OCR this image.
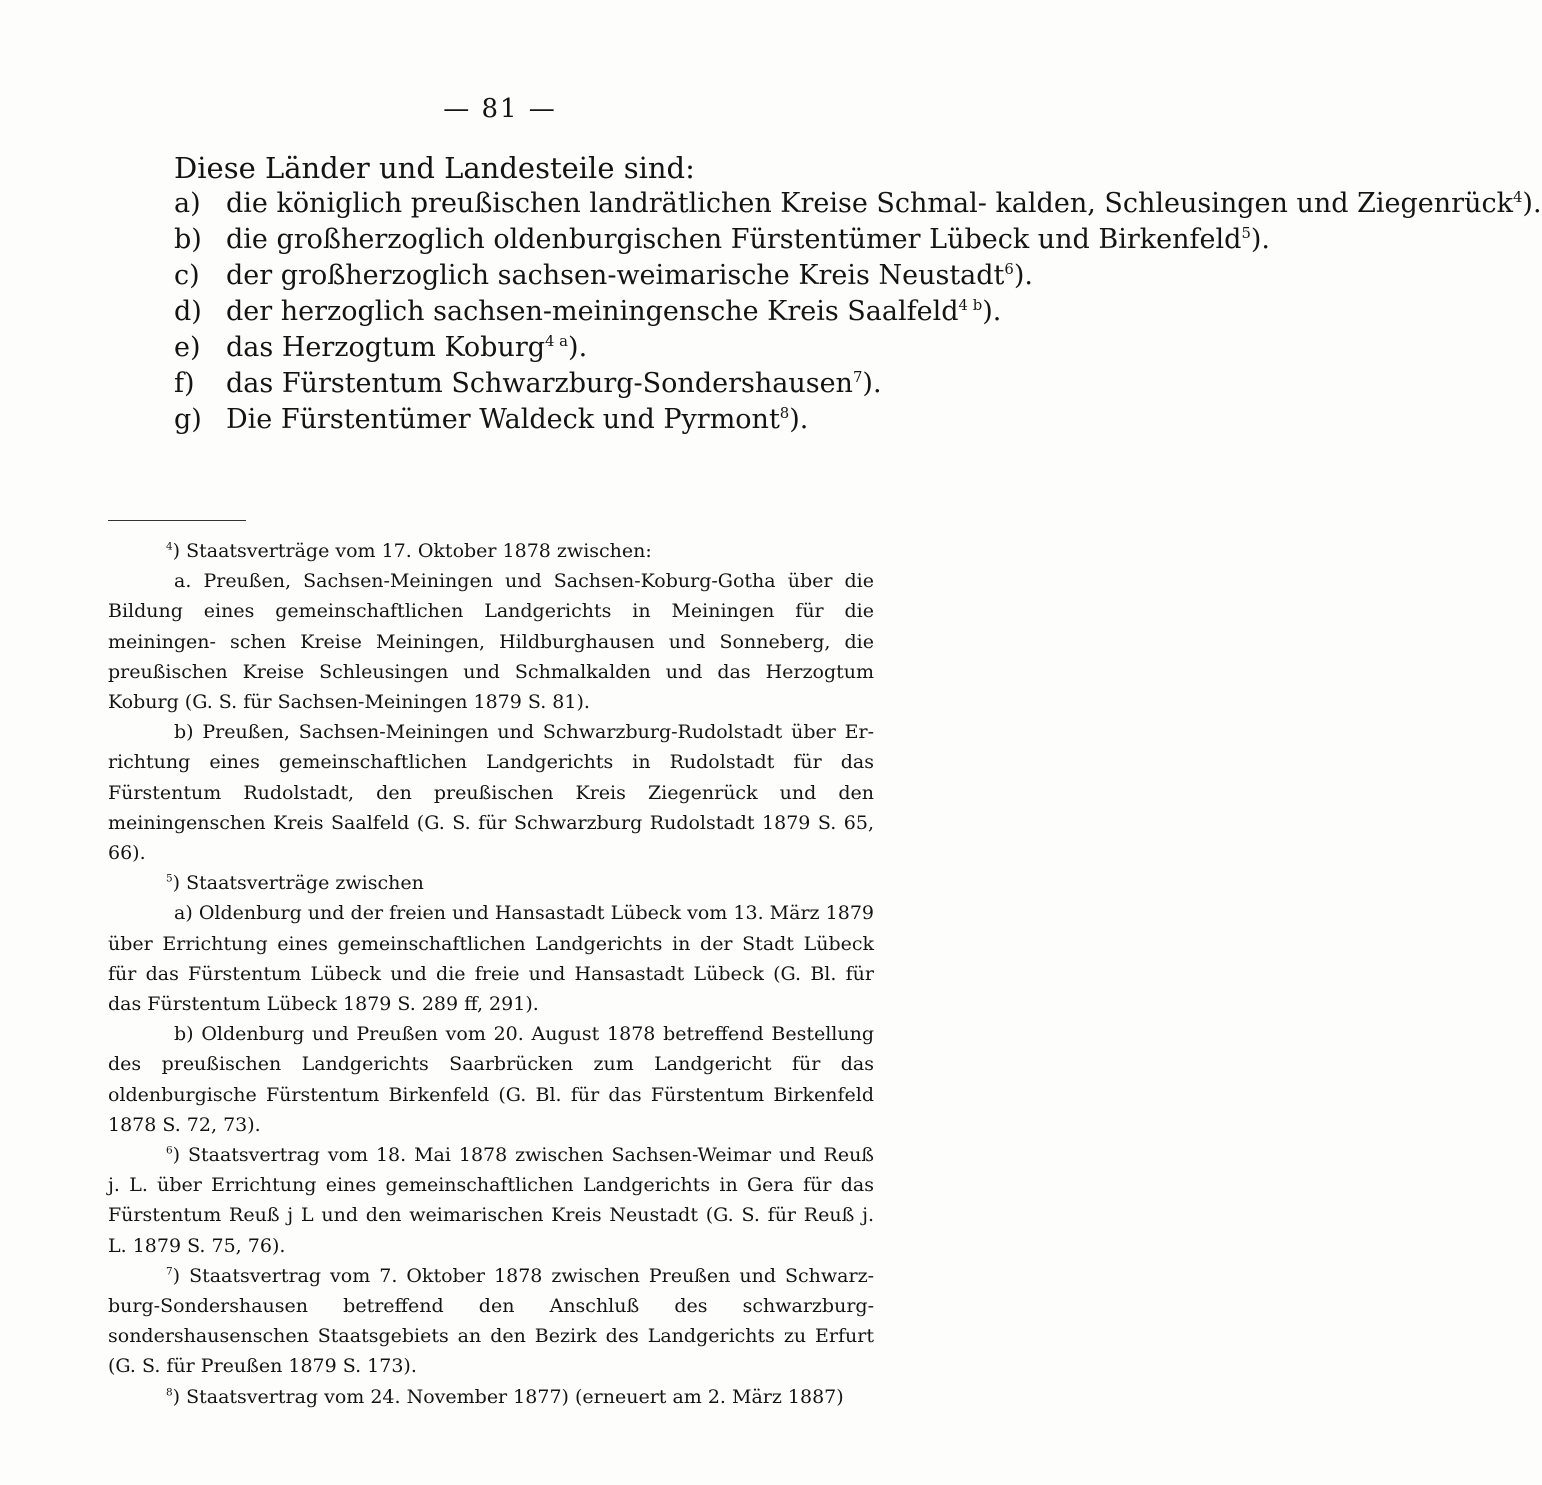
— 81 —

Diese Länder und Landesteile sind:

a) die königlich preußischen landrätlichen Kreise Schmal- kalden, Schleusingen und Ziegenrück$^4$).
b) die großherzoglich oldenburgischen Fürstentümer Lübeck und Birkenfeld$^5$).
c) der großherzoglich sachsen-weimarische Kreis Neustadt$^6$).
d) der herzoglich sachsen-meiningensche Kreis Saalfeld$^{4 b}$).
e) das Herzogtum Koburg$^{4 a}$).
f) das Fürstentum Schwarzburg-Sondershausen$^7$).
g) Die Fürstentümer Waldeck und Pyrmont$^8$).

$^4$) Staatsverträge vom 17. Oktober 1878 zwischen:

a. Preußen, Sachsen-Meiningen und Sachsen-Koburg-Gotha über die Bildung eines gemeinschaftlichen Landgerichts in Meiningen für die meiningen- schen Kreise Meiningen, Hildburghausen und Sonneberg, die preußischen Kreise Schleusingen und Schmalkalden und das Herzogtum Koburg (G. S. für Sachsen-Meiningen 1879 S. 81).

b) Preußen, Sachsen-Meiningen und Schwarzburg-Rudolstadt über Er- richtung eines gemeinschaftlichen Landgerichts in Rudolstadt für das Fürstentum Rudolstadt, den preußischen Kreis Ziegenrück und den meiningenschen Kreis Saalfeld (G. S. für Schwarzburg Rudolstadt 1879 S. 65, 66).

$^5$) Staatsverträge zwischen

a) Oldenburg und der freien und Hansastadt Lübeck vom 13. März 1879 über Errichtung eines gemeinschaftlichen Landgerichts in der Stadt Lübeck für das Fürstentum Lübeck und die freie und Hansastadt Lübeck (G. Bl. für das Fürstentum Lübeck 1879 S. 289 ff, 291).

b) Oldenburg und Preußen vom 20. August 1878 betreffend Bestellung des preußischen Landgerichts Saarbrücken zum Landgericht für das oldenburgische Fürstentum Birkenfeld (G. Bl. für das Fürstentum Birkenfeld 1878 S. 72, 73).

$^6$) Staatsvertrag vom 18. Mai 1878 zwischen Sachsen-Weimar und Reuß j. L. über Errichtung eines gemeinschaftlichen Landgerichts in Gera für das Fürstentum Reuß j L und den weimarischen Kreis Neustadt (G. S. für Reuß j. L. 1879 S. 75, 76).

$^7$) Staatsvertrag vom 7. Oktober 1878 zwischen Preußen und Schwarz- burg-Sondershausen betreffend den Anschluß des schwarzburg-sondershausenschen Staatsgebiets an den Bezirk des Landgerichts zu Erfurt (G. S. für Preußen 1879 S. 173).

$^8$) Staatsvertrag vom 24. November 1877) (erneuert am 2. März 1887)
